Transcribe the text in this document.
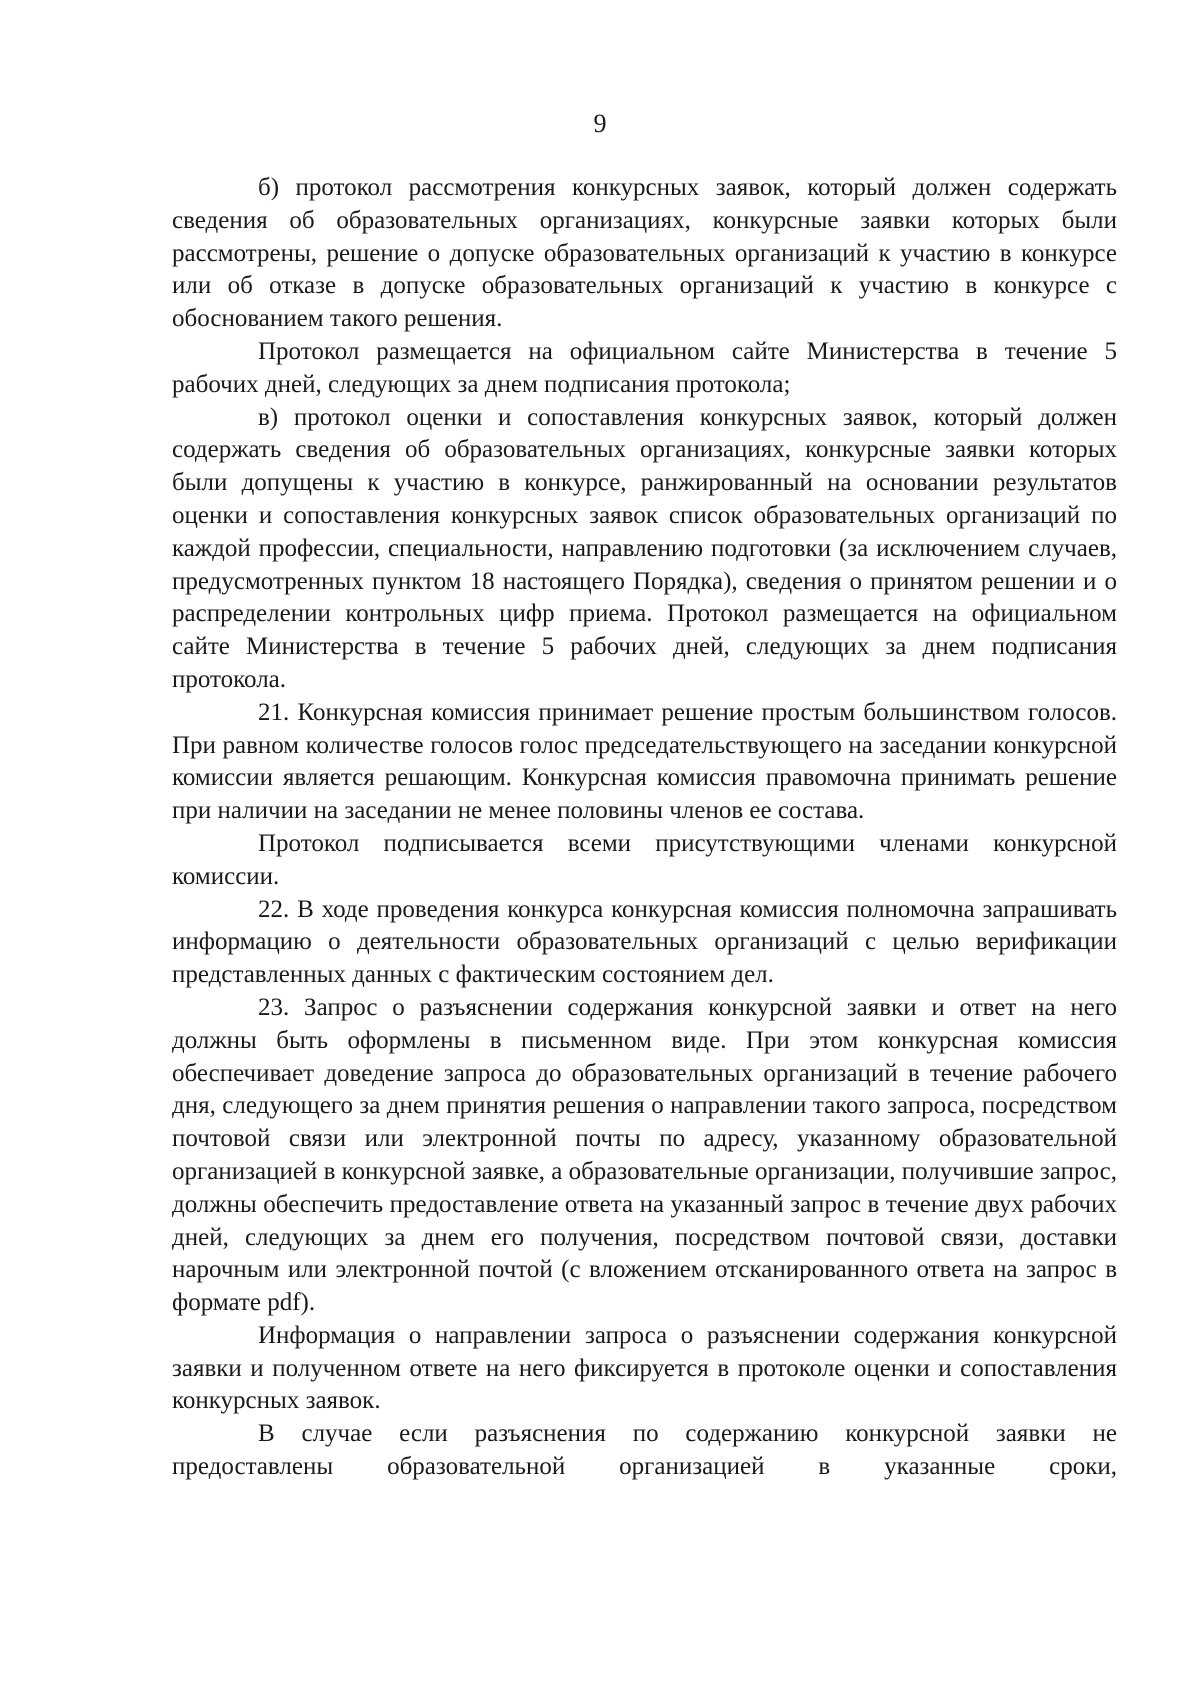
9

б) протокол рассмотрения конкурсных заявок, который должен содержать сведения об образовательных организациях, конкурсные заявки которых были рассмотрены, решение о допуске образовательных организаций к участию в конкурсе или об отказе в допуске образовательных организаций к участию в конкурсе с обоснованием такого решения.

Протокол размещается на официальном сайте Министерства в течение 5 рабочих дней, следующих за днем подписания протокола;

в) протокол оценки и сопоставления конкурсных заявок, который должен содержать сведения об образовательных организациях, конкурсные заявки которых были допущены к участию в конкурсе, ранжированный на основании результатов оценки и сопоставления конкурсных заявок список образовательных организаций по каждой профессии, специальности, направлению подготовки (за исключением случаев, предусмотренных пунктом 18 настоящего Порядка), сведения о принятом решении и о распределении контрольных цифр приема. Протокол размещается на официальном сайте Министерства в течение 5 рабочих дней, следующих за днем подписания протокола.

21. Конкурсная комиссия принимает решение простым большинством голосов. При равном количестве голосов голос председательствующего на заседании конкурсной комиссии является решающим. Конкурсная комиссия правомочна принимать решение при наличии на заседании не менее половины членов ее состава.

Протокол подписывается всеми присутствующими членами конкурсной комиссии.

22. В ходе проведения конкурса конкурсная комиссия полномочна запрашивать информацию о деятельности образовательных организаций с целью верификации представленных данных с фактическим состоянием дел.

23. Запрос о разъяснении содержания конкурсной заявки и ответ на него должны быть оформлены в письменном виде. При этом конкурсная комиссия обеспечивает доведение запроса до образовательных организаций в течение рабочего дня, следующего за днем принятия решения о направлении такого запроса, посредством почтовой связи или электронной почты по адресу, указанному образовательной организацией в конкурсной заявке, а образовательные организации, получившие запрос, должны обеспечить предоставление ответа на указанный запрос в течение двух рабочих дней, следующих за днем его получения, посредством почтовой связи, доставки нарочным или электронной почтой (с вложением отсканированного ответа на запрос в формате pdf).

Информация о направлении запроса о разъяснении содержания конкурсной заявки и полученном ответе на него фиксируется в протоколе оценки и сопоставления конкурсных заявок.

В случае если разъяснения по содержанию конкурсной заявки не предоставлены образовательной организацией в указанные сроки,
